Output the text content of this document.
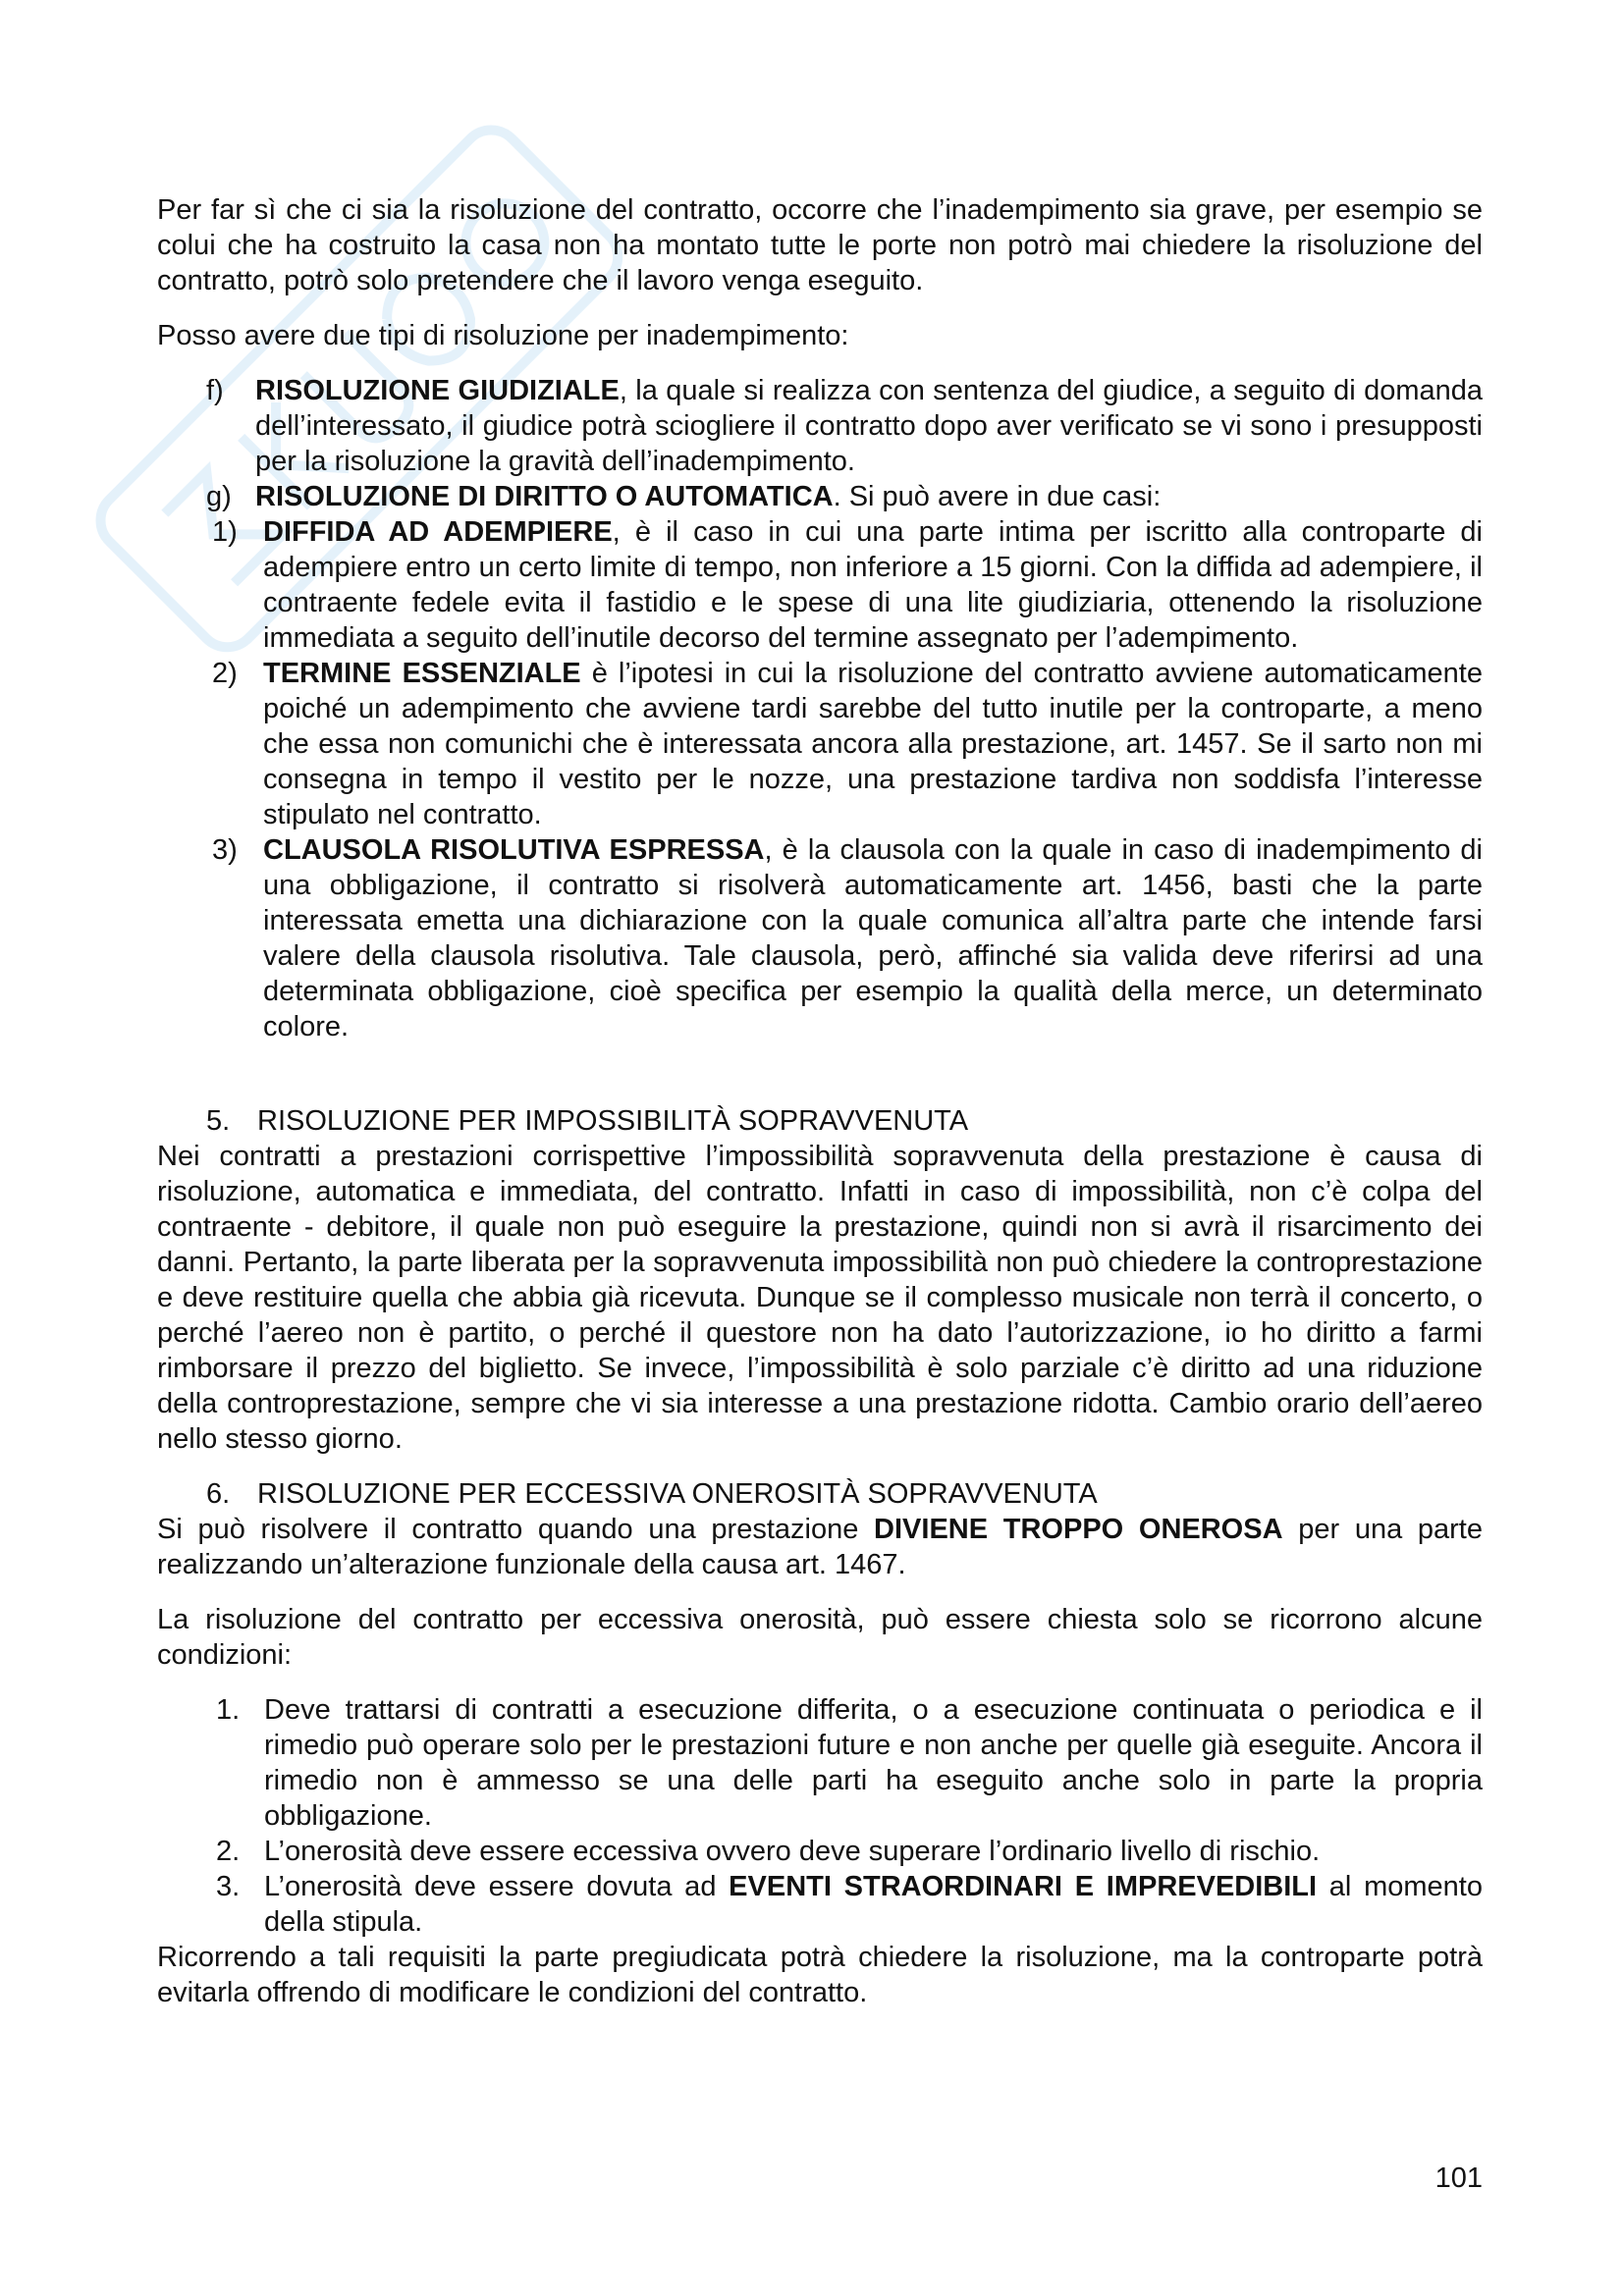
Per far sì che ci sia la risoluzione del contratto, occorre che l’inadempimento sia grave, per esempio se colui che ha costruito la casa non ha montato tutte le porte non potrò mai chiedere la risoluzione del contratto, potrò solo pretendere che il lavoro venga eseguito.

Posso avere due tipi di risoluzione per inadempimento:

f)	RISOLUZIONE GIUDIZIALE, la quale si realizza con sentenza del giudice, a seguito di domanda dell’interessato, il giudice potrà sciogliere il contratto dopo aver verificato se vi sono i presupposti per la risoluzione la gravità dell’inadempimento.
g) RISOLUZIONE DI DIRITTO O AUTOMATICA. Si può avere in due casi:
1) DIFFIDA AD ADEMPIERE, è il caso in cui una parte intima per iscritto alla controparte di adempiere entro un certo limite di tempo, non inferiore a 15 giorni. Con la diffida ad adempiere, il contraente fedele evita il fastidio e le spese di una lite giudiziaria, ottenendo la risoluzione immediata a seguito dell’inutile decorso del termine assegnato per l’adempimento.
2) TERMINE ESSENZIALE è l’ipotesi in cui la risoluzione del contratto avviene automaticamente poiché un adempimento che avviene tardi sarebbe del tutto inutile per la controparte, a meno che essa non comunichi che è interessata ancora alla prestazione, art. 1457. Se il sarto non mi consegna in tempo il vestito per le nozze, una prestazione tardiva non soddisfa l’interesse stipulato nel contratto.
3) CLAUSOLA RISOLUTIVA ESPRESSA, è la clausola con la quale in caso di inadempimento di una obbligazione, il contratto si risolverà automaticamente art. 1456, basti che la parte interessata emetta una dichiarazione con la quale comunica all’altra parte che intende farsi valere della clausola risolutiva. Tale clausola, però, affinché sia valida deve riferirsi ad una determinata obbligazione, cioè specifica per esempio la qualità della merce, un determinato colore.
5. RISOLUZIONE PER IMPOSSIBILITÀ SOPRAVVENUTA

Nei contratti a prestazioni corrispettive l’impossibilità sopravvenuta della prestazione è causa di risoluzione, automatica e immediata, del contratto. Infatti in caso di impossibilità, non c’è colpa del contraente - debitore, il quale non può eseguire la prestazione, quindi non si avrà il risarcimento dei danni. Pertanto, la parte liberata per la sopravvenuta impossibilità non può chiedere la controprestazione e deve restituire quella che abbia già ricevuta. Dunque se il complesso musicale non terrà il concerto, o perché l’aereo non è partito, o perché il questore non ha dato l’autorizzazione, io ho diritto a farmi rimborsare il prezzo del biglietto. Se invece, l’impossibilità è solo parziale c’è diritto ad una riduzione della controprestazione, sempre che vi sia interesse a una prestazione ridotta. Cambio orario dell’aereo nello stesso giorno.

6. RISOLUZIONE PER ECCESSIVA ONEROSITÀ SOPRAVVENUTA

Si può risolvere il contratto quando una prestazione DIVIENE TROPPO ONEROSA per una parte realizzando un’alterazione funzionale della causa art. 1467.

La risoluzione del contratto per eccessiva onerosità, può essere chiesta solo se ricorrono alcune condizioni:

1. Deve trattarsi di contratti a esecuzione differita, o a esecuzione continuata o periodica e il rimedio può operare solo per le prestazioni future e non anche per quelle già eseguite. Ancora il rimedio non è ammesso se una delle parti ha eseguito anche solo in parte la propria obbligazione.
2. L’onerosità deve essere eccessiva ovvero deve superare l’ordinario livello di rischio.
3. L’onerosità deve essere dovuta ad EVENTI STRAORDINARI E IMPREVEDIBILI al momento della stipula.

Ricorrendo a tali requisiti la parte pregiudicata potrà chiedere la risoluzione, ma la controparte potrà evitarla offrendo di modificare le condizioni del contratto.

101
